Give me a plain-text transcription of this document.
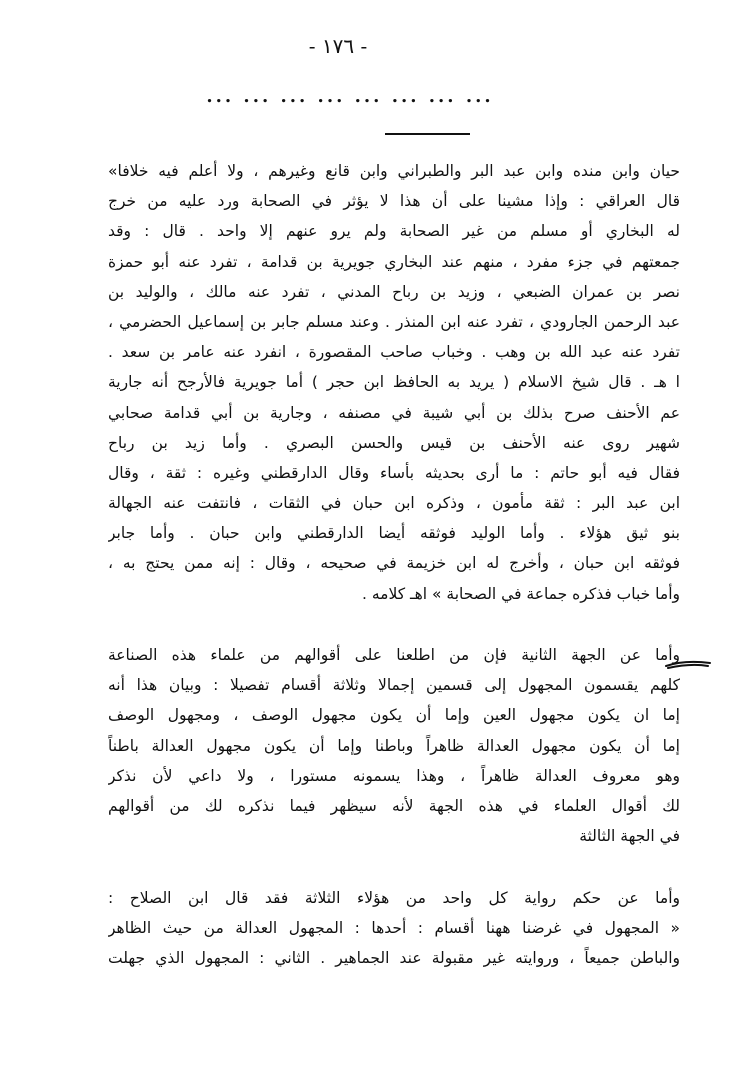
- ١٧٦ -
... ... ... ... ... ... ... ...
حيان وابن منده وابن عبد البر والطبراني وابن قانع وغيرهم ، ولا أعلم فيه خلافا»
قال العراقي : وإذا مشينا على أن هذا لا يؤثر في الصحابة ورد عليه من خرج
له البخاري أو مسلم من غير الصحابة ولم يرو عنهم إلا واحد . قال : وقد
جمعتهم في جزء مفرد ، منهم عند البخاري جويرية بن قدامة ، تفرد عنه أبو حمزة
نصر بن عمران الضبعي ، وزيد بن رباح المدني ، تفرد عنه مالك ، والوليد بن
عبد الرحمن الجارودي ، تفرد عنه ابن المنذر . وعند مسلم جابر بن إسماعيل الحضرمي ،
تفرد عنه عبد الله بن وهب . وخباب صاحب المقصورة ، انفرد عنه عامر بن سعد .
ا هـ . قال شيخ الاسلام ( يريد به الحافظ ابن حجر ) أما جويرية فالأرجح أنه جارية
عم الأحنف صرح بذلك بن أبي شيبة في مصنفه ، وجارية بن أبي قدامة صحابي
شهير روى عنه الأحنف بن قيس والحسن البصري . وأما زيد بن رباح
فقال فيه أبو حاتم : ما أرى بحديثه بأساء وقال الدارقطني وغيره : ثقة ، وقال
ابن عبد البر : ثقة مأمون ، وذكره ابن حبان في الثقات ، فانتفت عنه الجهالة
بنو ثيق هؤلاء . وأما الوليد فوثقه أيضا الدارقطني وابن حبان . وأما جابر
فوثقه ابن حبان ، وأخرج له ابن خزيمة في صحيحه ، وقال : إنه ممن يحتج به ،
وأما خباب فذكره جماعة في الصحابة » اهـ كلامه .
وأما عن الجهة الثانية فإن من اطلعنا على أقوالهم من علماء هذه الصناعة
كلهم يقسمون المجهول إلى قسمين إجمالا وثلاثة أقسام تفصيلا : وبيان هذا أنه
إما ان يكون مجهول العين وإما أن يكون مجهول الوصف ، ومجهول الوصف
إما أن يكون مجهول العدالة ظاهراً وباطنا وإما أن يكون مجهول العدالة باطناً
وهو معروف العدالة ظاهراً ، وهذا يسمونه مستورا ، ولا داعي لأن نذكر
لك أقوال العلماء في هذه الجهة لأنه سيظهر فيما نذكره لك من أقوالهم
في الجهة الثالثة
وأما عن حكم رواية كل واحد من هؤلاء الثلاثة فقد قال ابن الصلاح :
« المجهول في غرضنا ههنا أقسام : أحدها : المجهول العدالة من حيث الظاهر
والباطن جميعاً ، وروايته غير مقبولة عند الجماهير . الثاني : المجهول الذي جهلت
